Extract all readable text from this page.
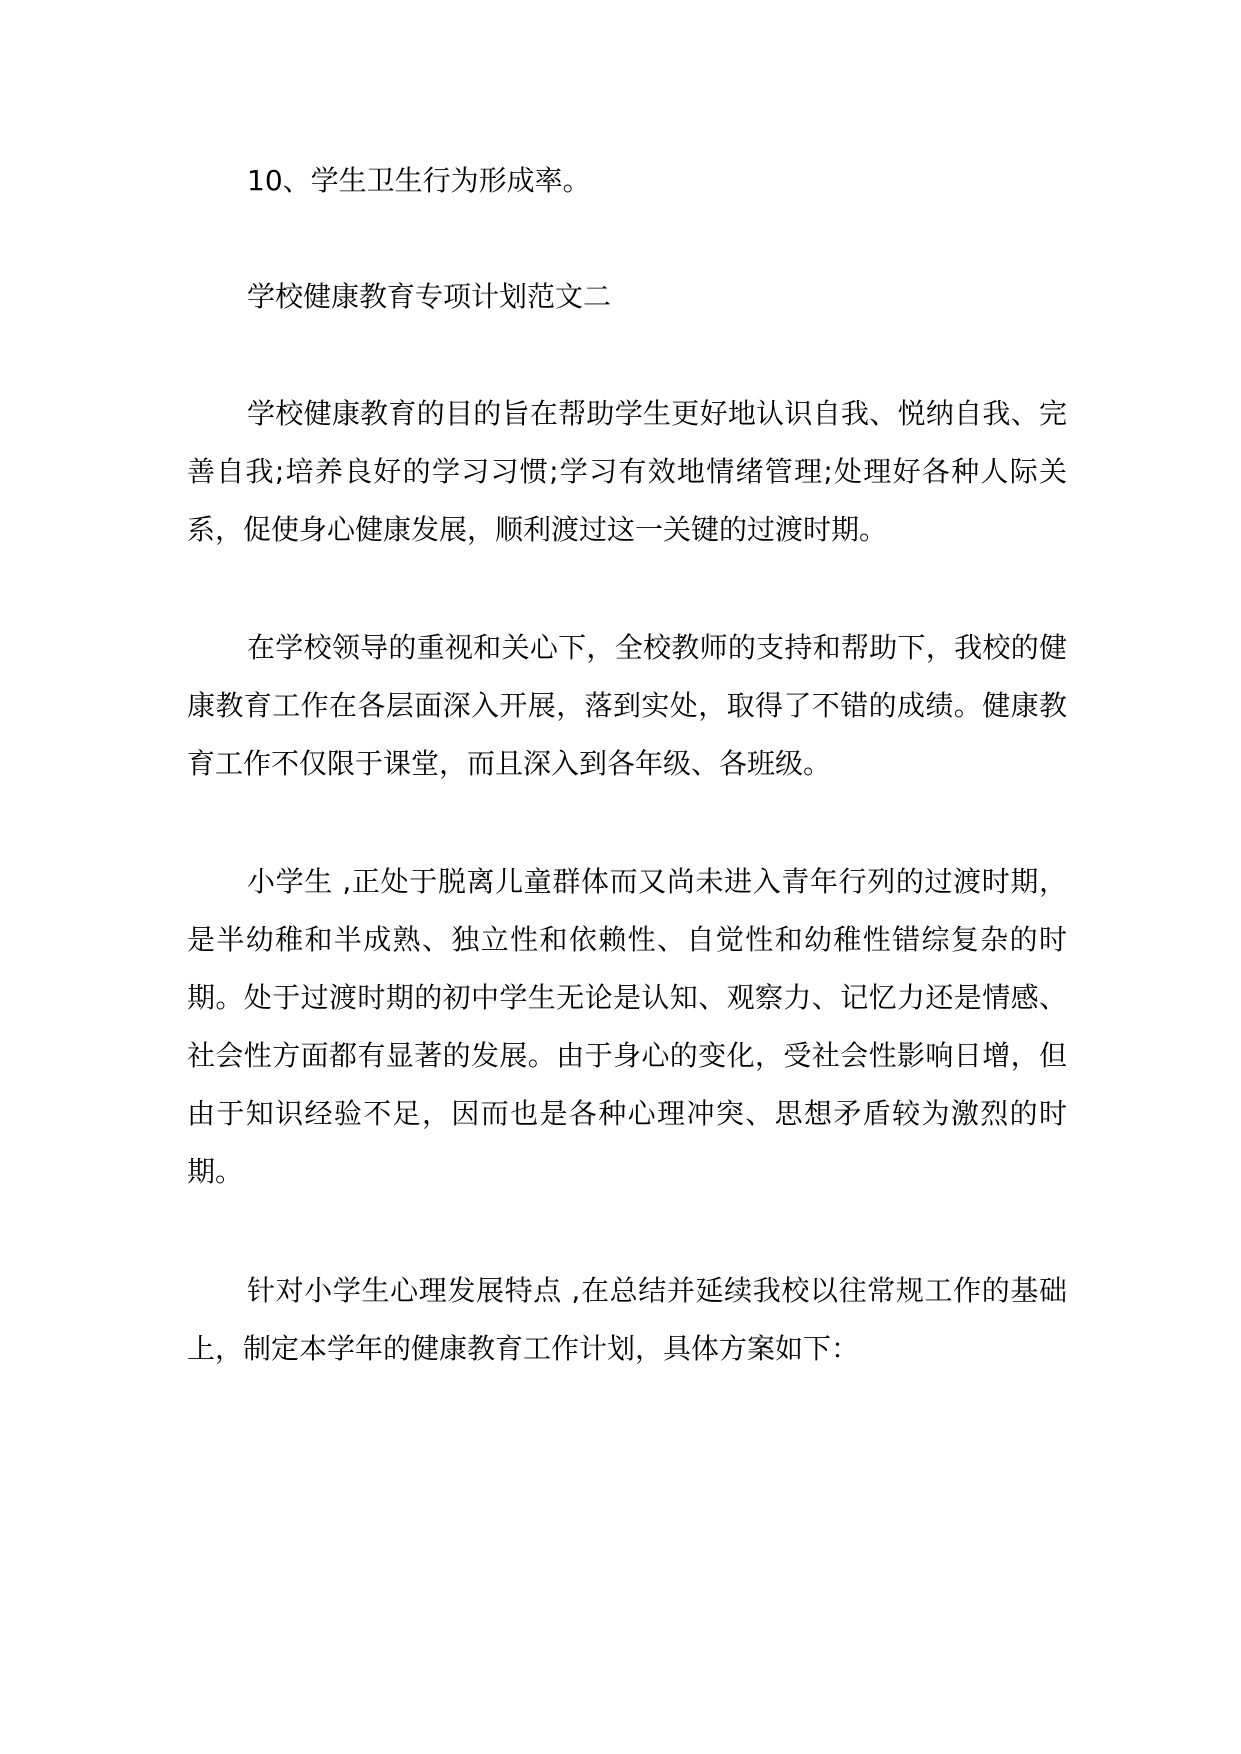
10、学生卫生行为形成率。

学校健康教育专项计划范文二

学校健康教育的目的旨在帮助学生更好地认识自我、悦纳自我、完善自我;培养良好的学习习惯;学习有效地情绪管理;处理好各种人际关系，促使身心健康发展，顺利渡过这一关键的过渡时期。

在学校领导的重视和关心下，全校教师的支持和帮助下，我校的健康教育工作在各层面深入开展，落到实处，取得了不错的成绩。健康教育工作不仅限于课堂，而且深入到各年级、各班级。

小学生 ,正处于脱离儿童群体而又尚未进入青年行列的过渡时期，是半幼稚和半成熟、独立性和依赖性、自觉性和幼稚性错综复杂的时期。处于过渡时期的初中学生无论是认知、观察力、记忆力还是情感、社会性方面都有显著的发展。由于身心的变化，受社会性影响日增，但由于知识经验不足，因而也是各种心理冲突、思想矛盾较为激烈的时期。

针对小学生心理发展特点 ,在总结并延续我校以往常规工作的基础上，制定本学年的健康教育工作计划，具体方案如下：
